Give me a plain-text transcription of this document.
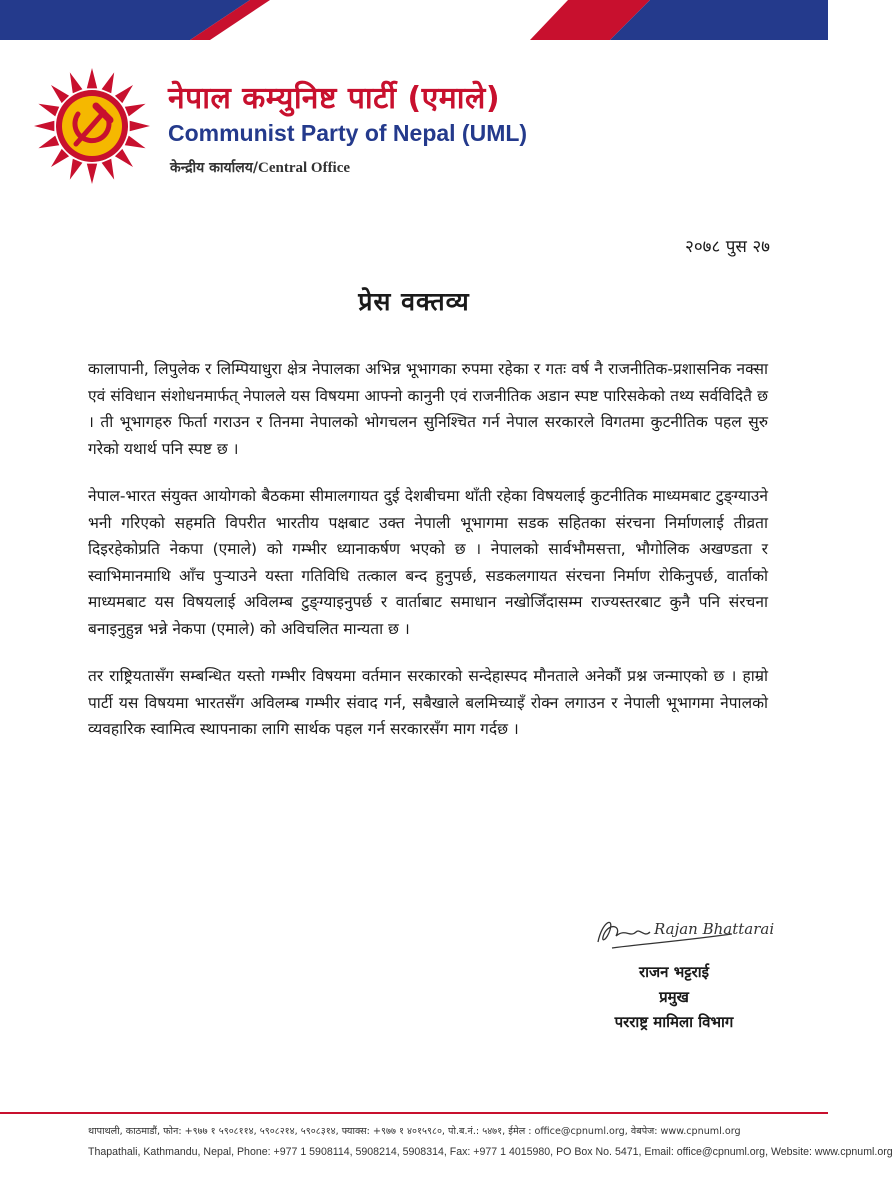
नेपाल कम्युनिष्ट पार्टी (एमाले)
Communist Party of Nepal (UML)
केन्द्रीय कार्यालय/Central Office
२०७८ पुस २७
प्रेस वक्तव्य

कालापानी, लिपुलेक र लिम्पियाधुरा क्षेत्र नेपालका अभिन्न भूभागका रुपमा रहेका र गतः वर्ष नै राजनीतिक-प्रशासनिक नक्सा एवं संविधान संशोधनमार्फत् नेपालले यस विषयमा आफ्नो कानुनी एवं राजनीतिक अडान स्पष्ट पारिसकेको तथ्य सर्वविदितै छ । ती भूभागहरु फिर्ता गराउन र तिनमा नेपालको भोगचलन सुनिश्चित गर्न नेपाल सरकारले विगतमा कुटनीतिक पहल सुरु गरेको यथार्थ पनि स्पष्ट छ ।

नेपाल-भारत संयुक्त आयोगको बैठकमा सीमालगायत दुई देशबीचमा थाँती रहेका विषयलाई कुटनीतिक माध्यमबाट टुङ्ग्याउने भनी गरिएको सहमति विपरीत भारतीय पक्षबाट उक्त नेपाली भूभागमा सडक सहितका संरचना निर्माणलाई तीव्रता दिइरहेकोप्रति नेकपा (एमाले) को गम्भीर ध्यानाकर्षण भएको छ । नेपालको सार्वभौमसत्ता, भौगोलिक अखण्डता र स्वाभिमानमाथि आँच पुऱ्याउने यस्ता गतिविधि तत्काल बन्द हुनुपर्छ, सडकलगायत संरचना निर्माण रोकिनुपर्छ, वार्ताको माध्यमबाट यस विषयलाई अविलम्ब टुङ्ग्याइनुपर्छ र वार्ताबाट समाधान नखोजिँदासम्म राज्यस्तरबाट कुनै पनि संरचना बनाइनुहुन्न भन्ने नेकपा (एमाले) को अविचलित मान्यता छ ।

तर राष्ट्रियतासँग सम्बन्धित यस्तो गम्भीर विषयमा वर्तमान सरकारको सन्देहास्पद मौनताले अनेकौं प्रश्न जन्माएको छ । हाम्रो पार्टी यस विषयमा भारतसँग अविलम्ब गम्भीर संवाद गर्न, सबैखाले बलमिच्याइँ रोक्न लगाउन र नेपाली भूभागमा नेपालको व्यवहारिक स्वामित्व स्थापनाका लागि सार्थक पहल गर्न सरकारसँग माग गर्दछ ।

Rajan Bhattarai
राजन भट्टराई
प्रमुख
परराष्ट्र मामिला विभाग
थापाथली, काठमाडौं, फोन: +९७७ १ ५९०८११४, ५९०८२१४, ५९०८३१४, फ्याक्स: +९७७ १ ४०१५९८०, पो.ब.नं.: ५४७१, ईमेल : office@cpnuml.org, वेबपेज: www.cpnuml.org
Thapathali, Kathmandu, Nepal, Phone: +977 1 5908114, 5908214, 5908314, Fax: +977 1 4015980, PO Box No. 5471, Email: office@cpnuml.org, Website: www.cpnuml.org
